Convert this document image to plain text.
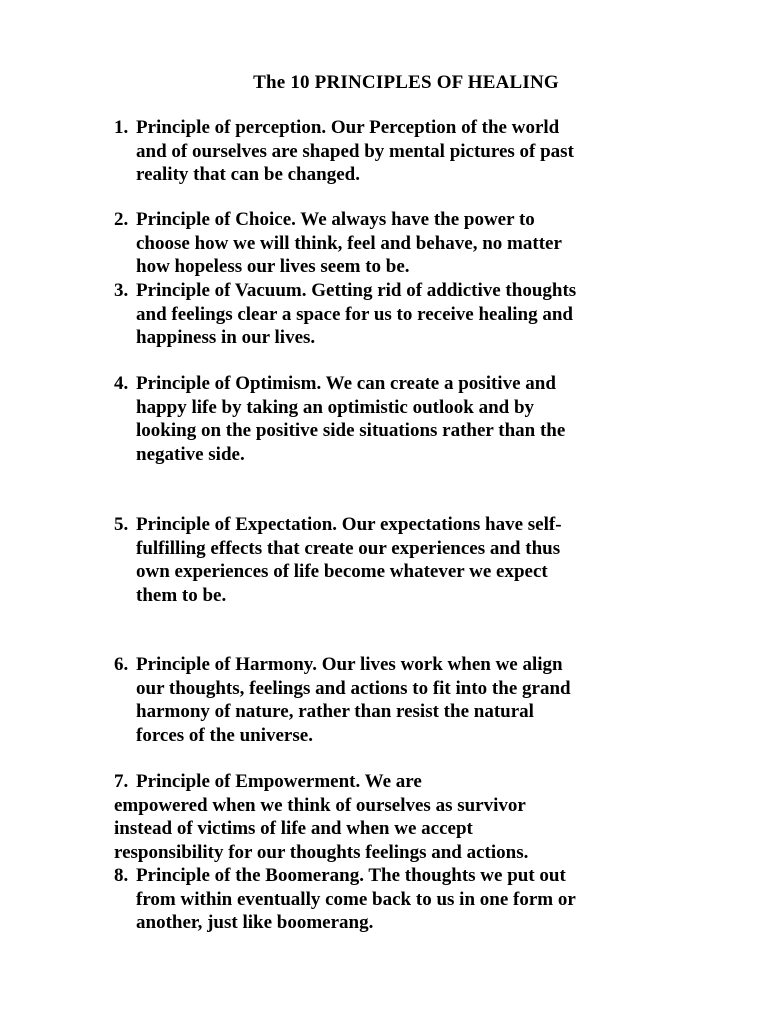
The 10 PRINCIPLES OF HEALING
1. Principle of perception. Our Perception of the world
and of ourselves are shaped by mental pictures of past
reality that can be changed.
2. Principle of Choice. We always have the power to
choose how we will think, feel and behave, no matter
how hopeless our lives seem to be.
3. Principle of Vacuum. Getting rid of addictive thoughts
and feelings clear a space for us to receive healing and
happiness in our lives.
4. Principle of Optimism. We can create a positive and
happy life by taking an optimistic outlook and by
looking on the positive side situations rather than the
negative side.
5. Principle of Expectation. Our expectations have self-
fulfilling effects that create our experiences and thus
own experiences of life become whatever we expect
them to be.
6. Principle of Harmony. Our lives work when we align
our thoughts, feelings and actions to fit into the grand
harmony of nature, rather than resist the natural
forces of the universe.
7. Principle of Empowerment. We are
empowered when we think of ourselves as survivor
instead of victims of life and when we accept
responsibility for our thoughts feelings and actions.
8. Principle of the Boomerang. The thoughts we put out
from within eventually come back to us in one form or
another, just like boomerang.
